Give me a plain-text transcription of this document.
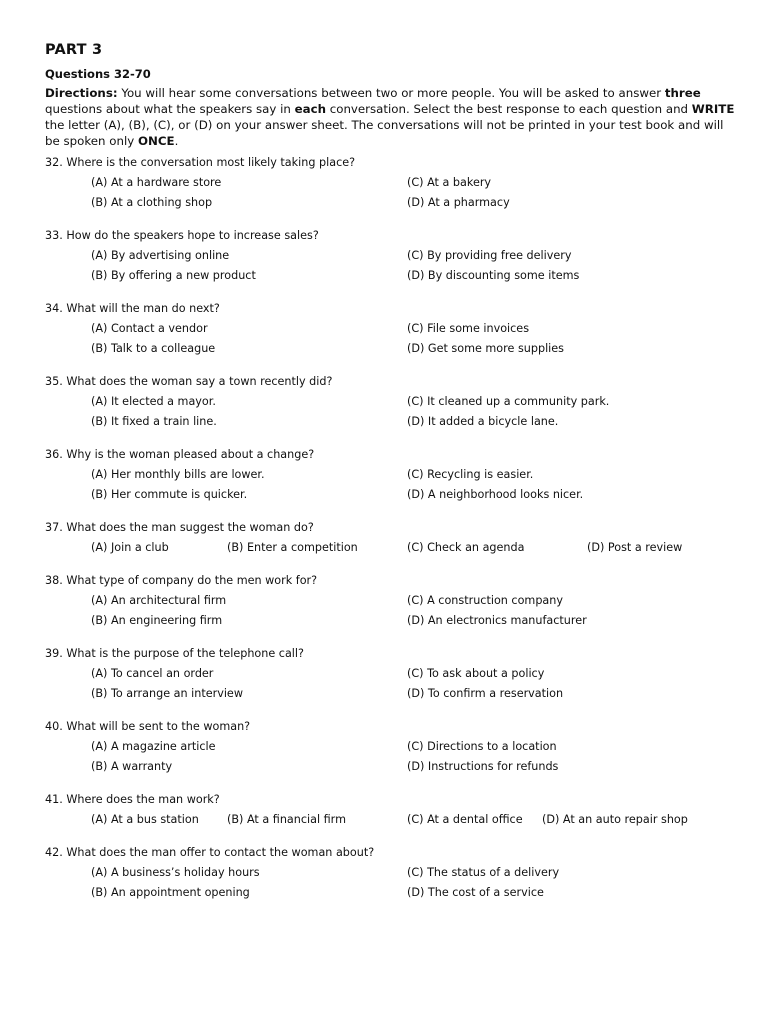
PART 3
Questions 32-70
Directions: You will hear some conversations between two or more people. You will be asked to answer three questions about what the speakers say in each conversation. Select the best response to each question and WRITE the letter (A), (B), (C), or (D) on your answer sheet. The conversations will not be printed in your test book and will be spoken only ONCE.
32. Where is the conversation most likely taking place?
(A) At a hardware store	(C) At a bakery
(B) At a clothing shop	(D) At a pharmacy
33. How do the speakers hope to increase sales?
(A) By advertising online	(C) By providing free delivery
(B) By offering a new product	(D) By discounting some items
34. What will the man do next?
(A) Contact a vendor	(C) File some invoices
(B) Talk to a colleague	(D) Get some more supplies
35. What does the woman say a town recently did?
(A) It elected a mayor.	(C) It cleaned up a community park.
(B) It fixed a train line.	(D) It added a bicycle lane.
36. Why is the woman pleased about a change?
(A) Her monthly bills are lower.	(C) Recycling is easier.
(B) Her commute is quicker.	(D) A neighborhood looks nicer.
37. What does the man suggest the woman do?
(A) Join a club	(B) Enter a competition	(C) Check an agenda	(D) Post a review
38. What type of company do the men work for?
(A) An architectural firm	(C) A construction company
(B) An engineering firm	(D) An electronics manufacturer
39. What is the purpose of the telephone call?
(A) To cancel an order	(C) To ask about a policy
(B) To arrange an interview	(D) To confirm a reservation
40. What will be sent to the woman?
(A) A magazine article	(C) Directions to a location
(B) A warranty	(D) Instructions for refunds
41. Where does the man work?
(A) At a bus station	(B) At a financial firm	(C) At a dental office (D) At an auto repair shop
42. What does the man offer to contact the woman about?
(A) A business’s holiday hours	(C) The status of a delivery
(B) An appointment opening	(D) The cost of a service
